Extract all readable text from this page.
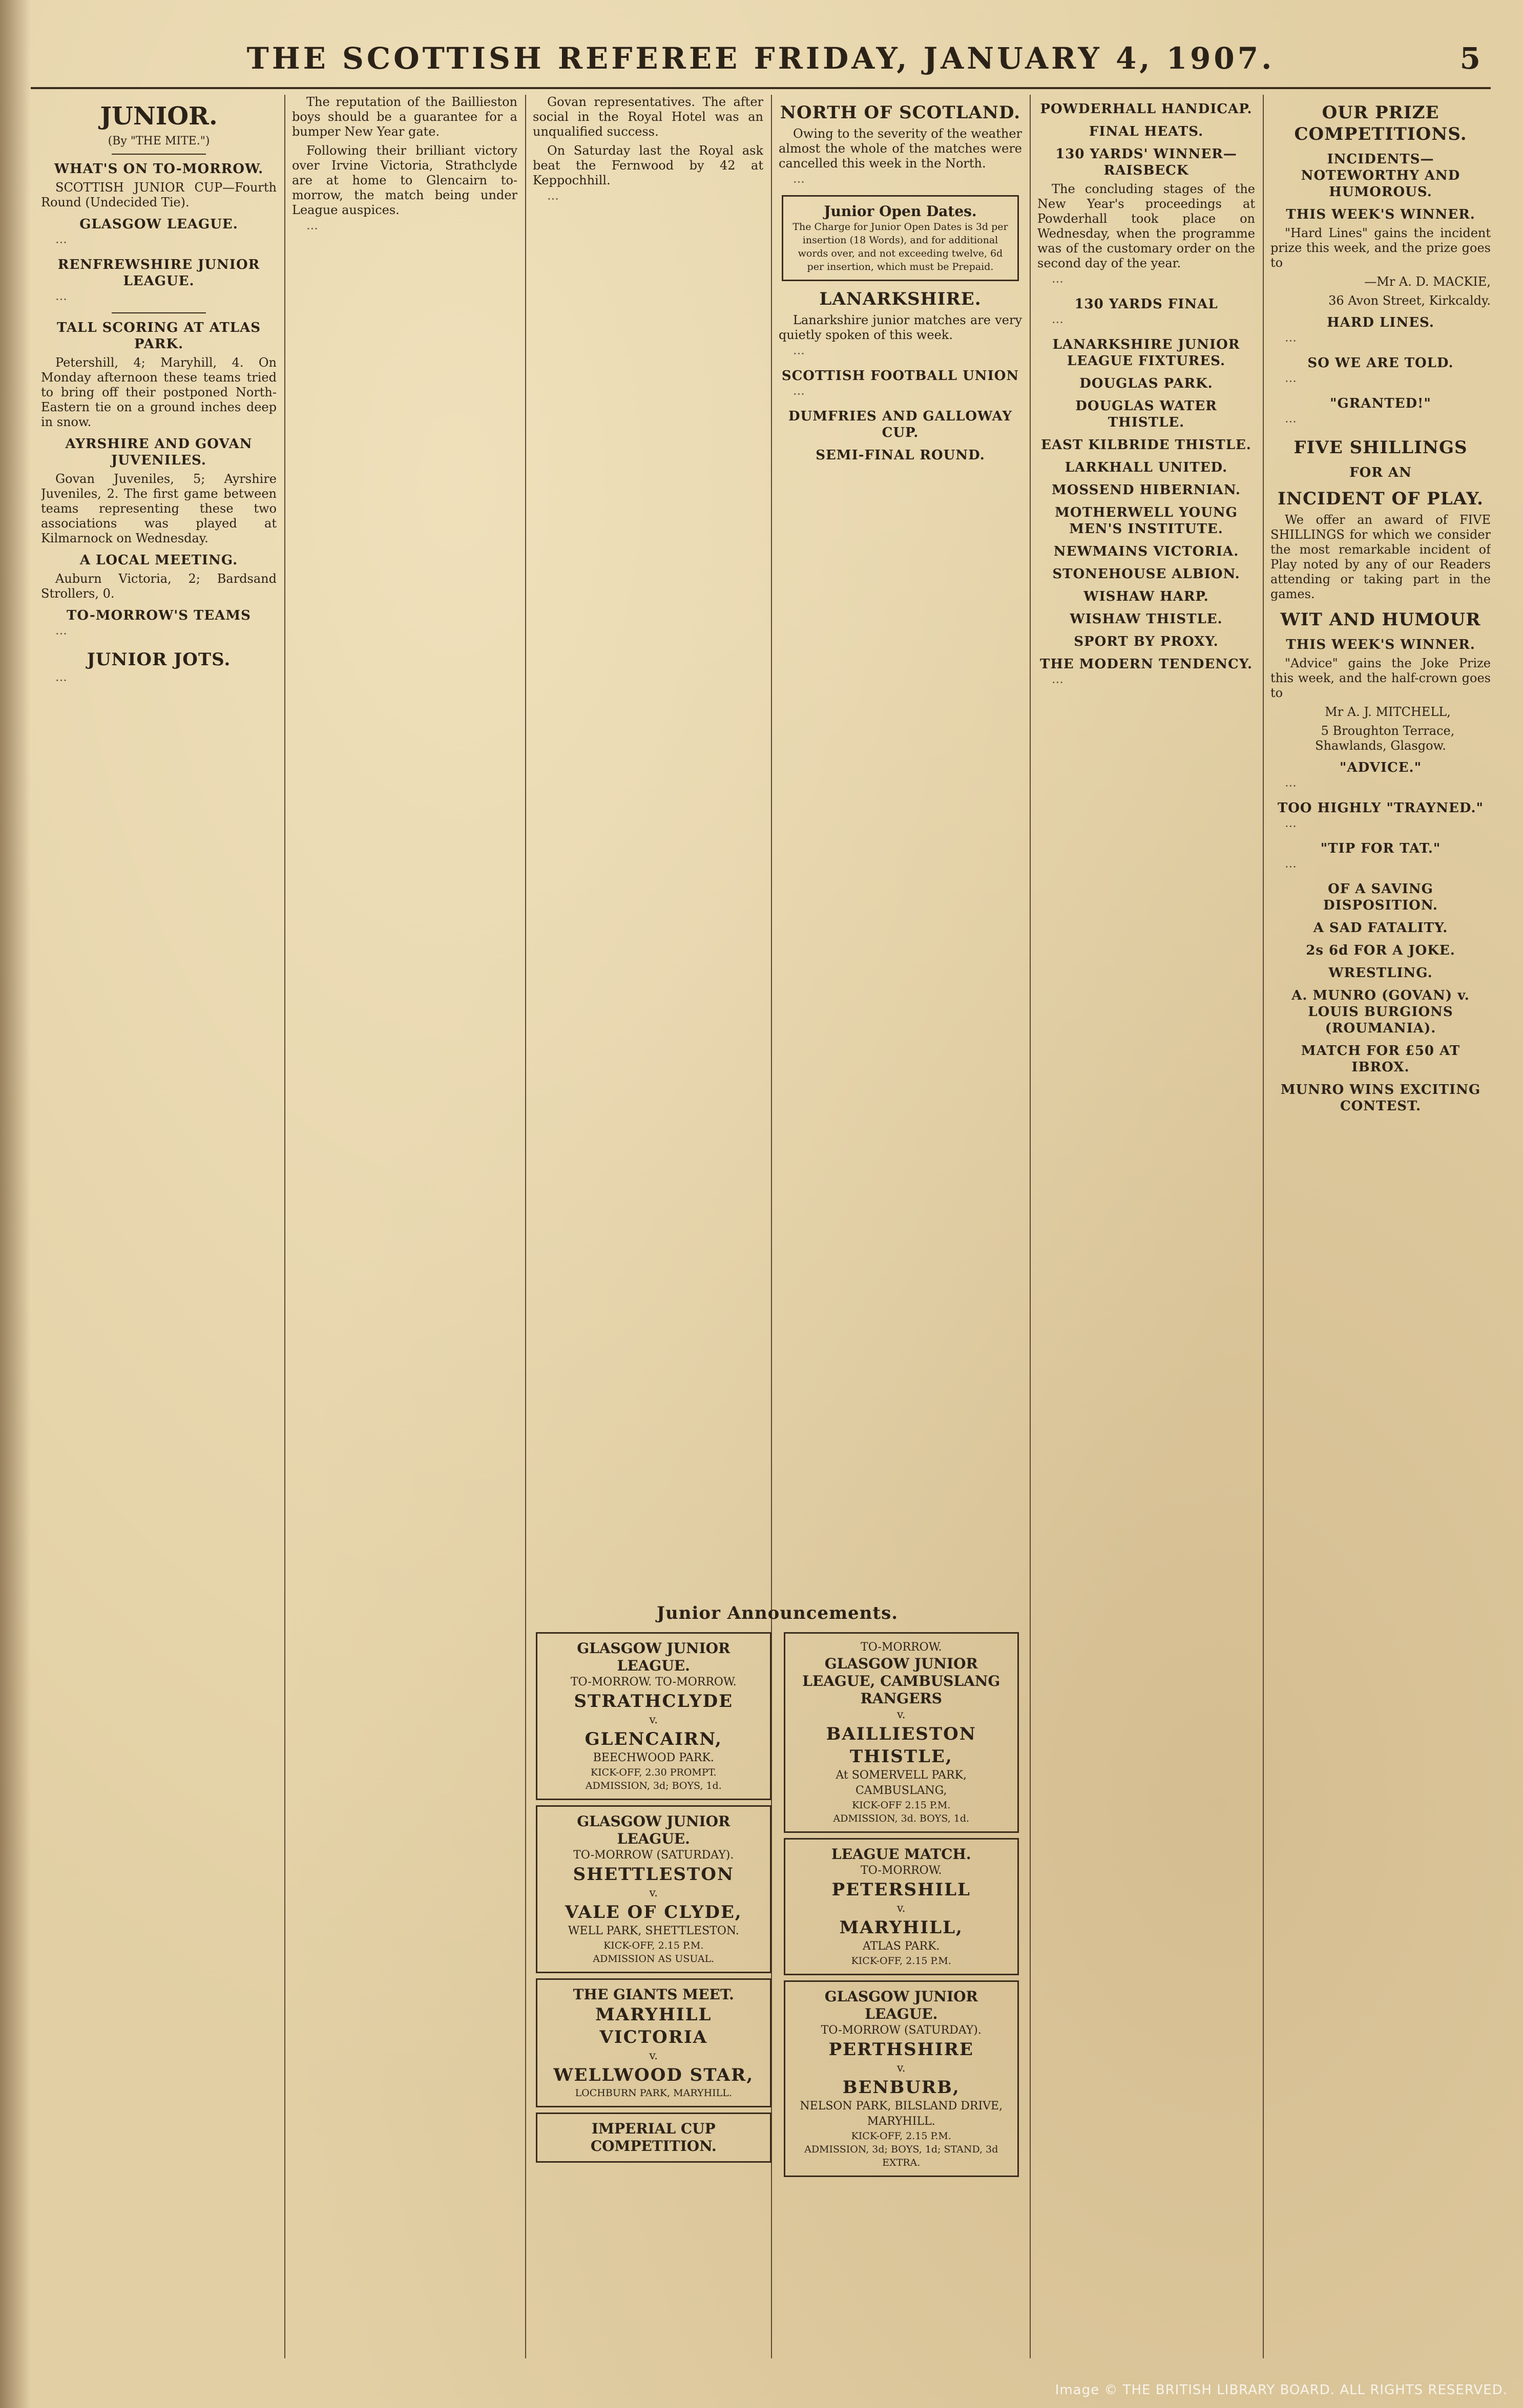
THE SCOTTISH REFEREE FRIDAY, JANUARY 4, 1907.	5
JUNIOR.
(By "THE MITE.")
WHAT'S ON TO-MORROW.

SCOTTISH JUNIOR CUP—Fourth Round (Undecided Tie).

GLASGOW LEAGUE.

···

RENFREWSHIRE JUNIOR LEAGUE.

···

TALL SCORING AT ATLAS PARK.

Petershill, 4; Maryhill, 4. On Monday afternoon these teams tried to bring off their postponed North-Eastern tie on a ground inches deep in snow.

AYRSHIRE AND GOVAN JUVENILES.

Govan Juveniles, 5; Ayrshire Juveniles, 2. The first game between teams representing these two associations was played at Kilmarnock on Wednesday.

A LOCAL MEETING.

Auburn Victoria, 2; Bardsand Strollers, 0.

TO-MORROW'S TEAMS

···

JUNIOR JOTS.

···

The reputation of the Baillieston boys should be a guarantee for a bumper New Year gate.

Following their brilliant victory over Irvine Victoria, Strathclyde are at home to Glencairn to-morrow, the match being under League auspices.

···

Govan representatives. The after social in the Royal Hotel was an unqualified success.

On Saturday last the Royal ask beat the Fernwood by 42 at Keppochhill.

···

NORTH OF SCOTLAND.

Owing to the severity of the weather almost the whole of the matches were cancelled this week in the North.

···

Junior Open Dates.
The Charge for Junior Open Dates is 3d per insertion (18 Words), and for additional words over, and not exceeding twelve, 6d per insertion, which must be Prepaid.
LANARKSHIRE.

Lanarkshire junior matches are very quietly spoken of this week.

···

SCOTTISH FOOTBALL UNION

···

DUMFRIES AND GALLOWAY CUP.
SEMI-FINAL ROUND.
Junior Announcements.
GLASGOW JUNIOR LEAGUE.
TO-MORROW. TO-MORROW.
STRATHCLYDE
v.
GLENCAIRN,
BEECHWOOD PARK.
KICK-OFF, 2.30 PROMPT.
ADMISSION, 3d; BOYS, 1d.
GLASGOW JUNIOR LEAGUE.
TO-MORROW (SATURDAY).
SHETTLESTON
v.
VALE OF CLYDE,
WELL PARK, SHETTLESTON.
KICK-OFF, 2.15 P.M.
ADMISSION AS USUAL.
THE GIANTS MEET.
MARYHILL VICTORIA
v.
WELLWOOD STAR,
LOCHBURN PARK, MARYHILL.
IMPERIAL CUP COMPETITION.
TO-MORROW.
GLASGOW JUNIOR LEAGUE, CAMBUSLANG RANGERS
v.
BAILLIESTON THISTLE,
At SOMERVELL PARK, CAMBUSLANG,
KICK-OFF 2.15 P.M.
ADMISSION, 3d. BOYS, 1d.
LEAGUE MATCH.
TO-MORROW.
PETERSHILL
v.
MARYHILL,
ATLAS PARK.
KICK-OFF, 2.15 P.M.
GLASGOW JUNIOR LEAGUE.
TO-MORROW (SATURDAY).
PERTHSHIRE
v.
BENBURB,
NELSON PARK, BILSLAND DRIVE, MARYHILL.
KICK-OFF, 2.15 P.M.
ADMISSION, 3d; BOYS, 1d; STAND, 3d EXTRA.
POWDERHALL HANDICAP.
FINAL HEATS.
130 YARDS' WINNER—RAISBECK

The concluding stages of the New Year's proceedings at Powderhall took place on Wednesday, when the programme was of the customary order on the second day of the year.

···

130 YARDS FINAL

···

LANARKSHIRE JUNIOR LEAGUE FIXTURES.
DOUGLAS PARK.
DOUGLAS WATER THISTLE.
EAST KILBRIDE THISTLE.
LARKHALL UNITED.
MOSSEND HIBERNIAN.
MOTHERWELL YOUNG MEN'S INSTITUTE.
NEWMAINS VICTORIA.
STONEHOUSE ALBION.
WISHAW HARP.
WISHAW THISTLE.
SPORT BY PROXY.
THE MODERN TENDENCY.

···

OUR PRIZE COMPETITIONS.
INCIDENTS—NOTEWORTHY AND HUMOROUS.
THIS WEEK'S WINNER.

"Hard Lines" gains the incident prize this week, and the prize goes to

—Mr A. D. MACKIE,

36 Avon Street, Kirkcaldy.

HARD LINES.

···

SO WE ARE TOLD.

···

"GRANTED!"

···

FIVE SHILLINGS
FOR AN
INCIDENT OF PLAY.

We offer an award of FIVE SHILLINGS for which we consider the most remarkable incident of Play noted by any of our Readers attending or taking part in the games.

WIT AND HUMOUR
THIS WEEK'S WINNER.

"Advice" gains the Joke Prize this week, and the half-crown goes to

Mr A. J. MITCHELL,

5 Broughton Terrace, Shawlands, Glasgow.

"ADVICE."

···

TOO HIGHLY "TRAYNED."

···

"TIP FOR TAT."

···

OF A SAVING DISPOSITION.
A SAD FATALITY.
2s 6d FOR A JOKE.
WRESTLING.
A. MUNRO (GOVAN) v. LOUIS BURGIONS (ROUMANIA).
MATCH FOR £50 AT IBROX.
MUNRO WINS EXCITING CONTEST.
Image © THE BRITISH LIBRARY BOARD. ALL RIGHTS RESERVED.
